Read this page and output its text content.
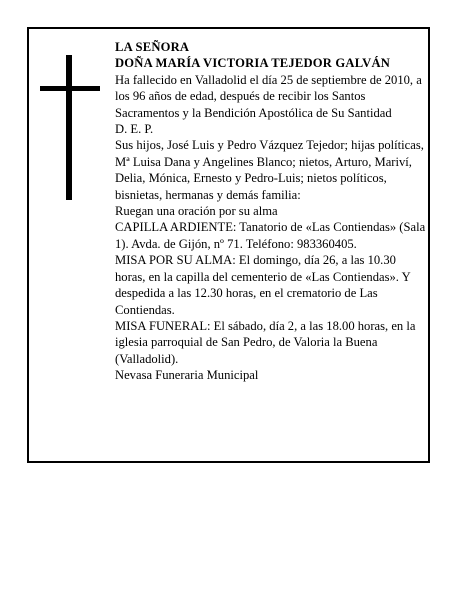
LA SEÑORA

DOÑA MARÍA VICTORIA TEJEDOR GALVÁN

Ha fallecido en Valladolid el día 25 de septiembre de 2010, a los 96 años de edad, después de recibir los Santos Sacramentos y la Bendición Apostólica de Su Santidad

D. E. P.

Sus hijos, José Luis y Pedro Vázquez Tejedor; hijas políticas, Mª Luisa Dana y Angelines Blanco; nietos, Arturo, Mariví, Delia, Mónica, Ernesto y Pedro-Luis; nietos políticos, bisnietas, hermanas y demás familia:

Ruegan una oración por su alma

CAPILLA ARDIENTE: Tanatorio de «Las Contiendas» (Sala 1). Avda. de Gijón, nº 71. Teléfono: 983360405.

MISA POR SU ALMA: El domingo, día 26, a las 10.30 horas, en la capilla del cementerio de «Las Contiendas». Y despedida a las 12.30 horas, en el crematorio de Las Contiendas.

MISA FUNERAL: El sábado, día 2, a las 18.00 horas, en la iglesia parroquial de San Pedro, de Valoria la Buena (Valladolid).

Nevasa Funeraria Municipal
